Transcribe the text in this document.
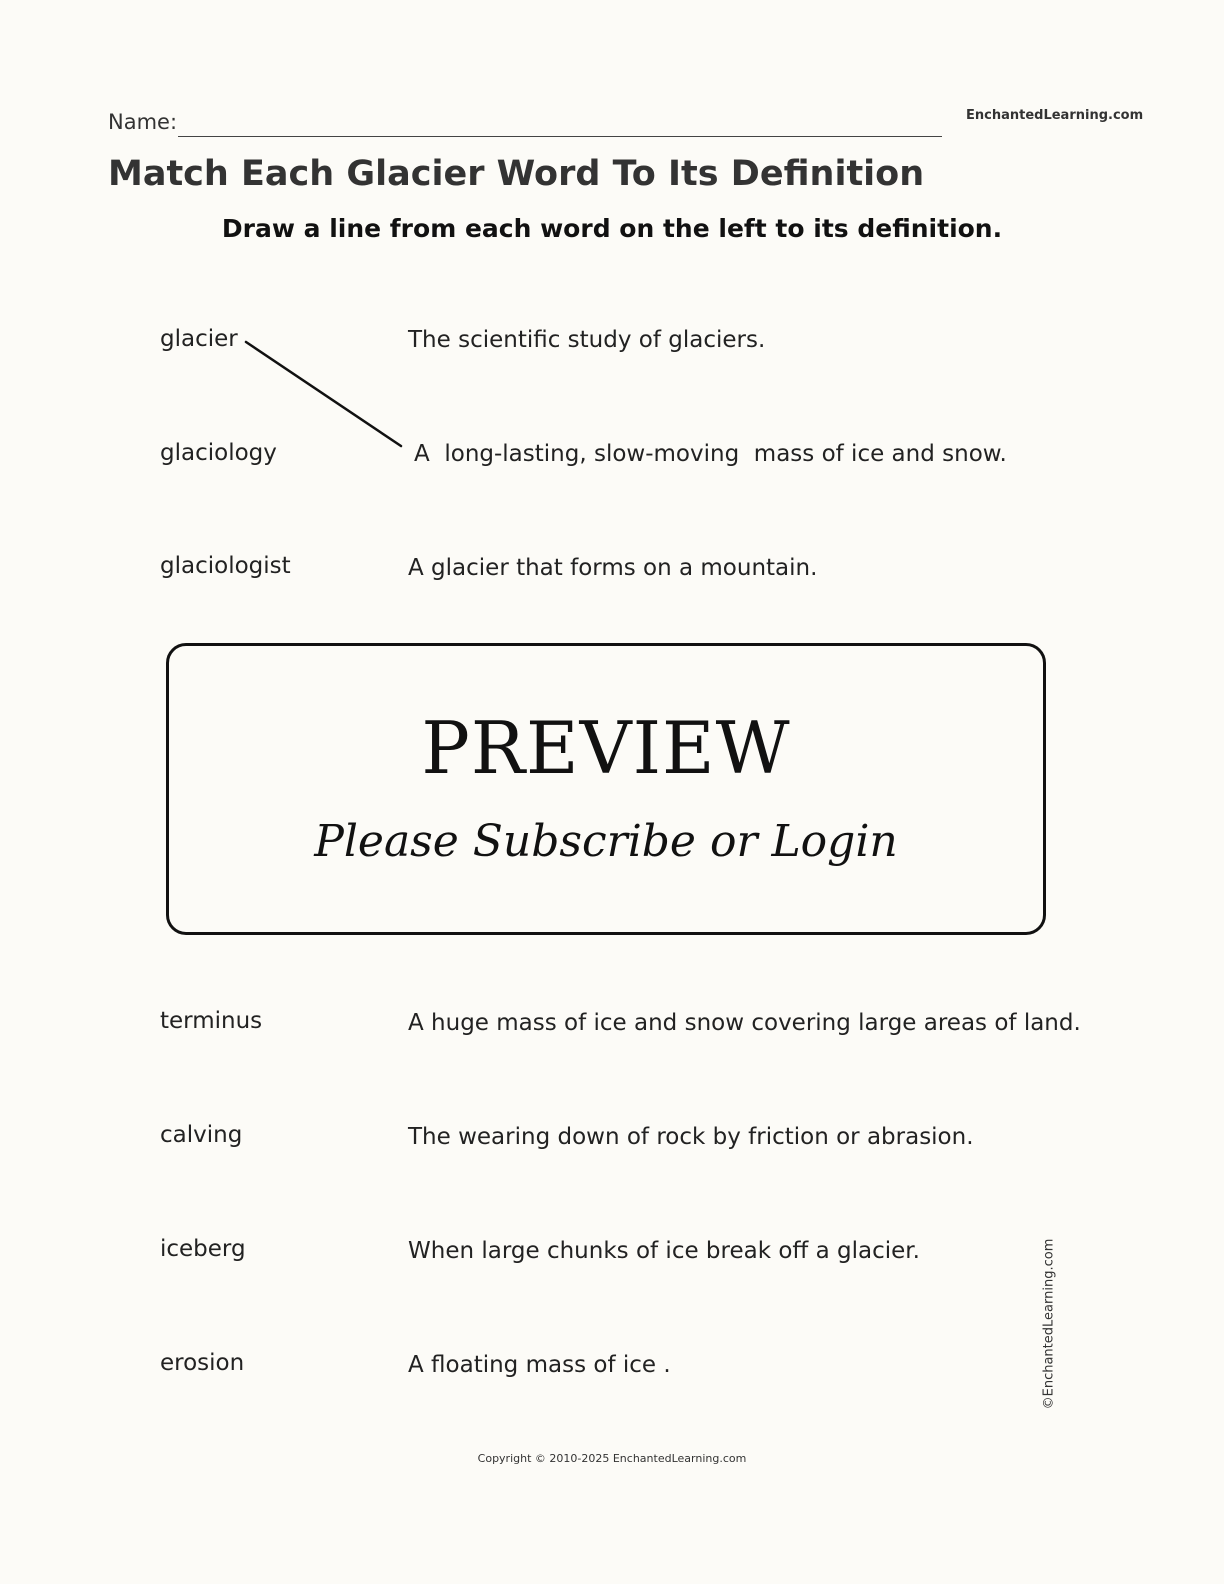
Name:	EnchantedLearning.com
Match Each Glacier Word To Its Definition
Draw a line from each word on the left to its definition.
glacier	The scientific study of glaciers.
glaciology	A  long-lasting, slow-moving  mass of ice and snow.
glaciologist	A glacier that forms on a mountain.
PREVIEW
Please Subscribe or Login
terminus	A huge mass of ice and snow covering large areas of land.
calving	The wearing down of rock by friction or abrasion.
iceberg	When large chunks of ice break off a glacier.
erosion	A floating mass of ice .	©EnchantedLearning.com
Copyright © 2010-2025 EnchantedLearning.com
